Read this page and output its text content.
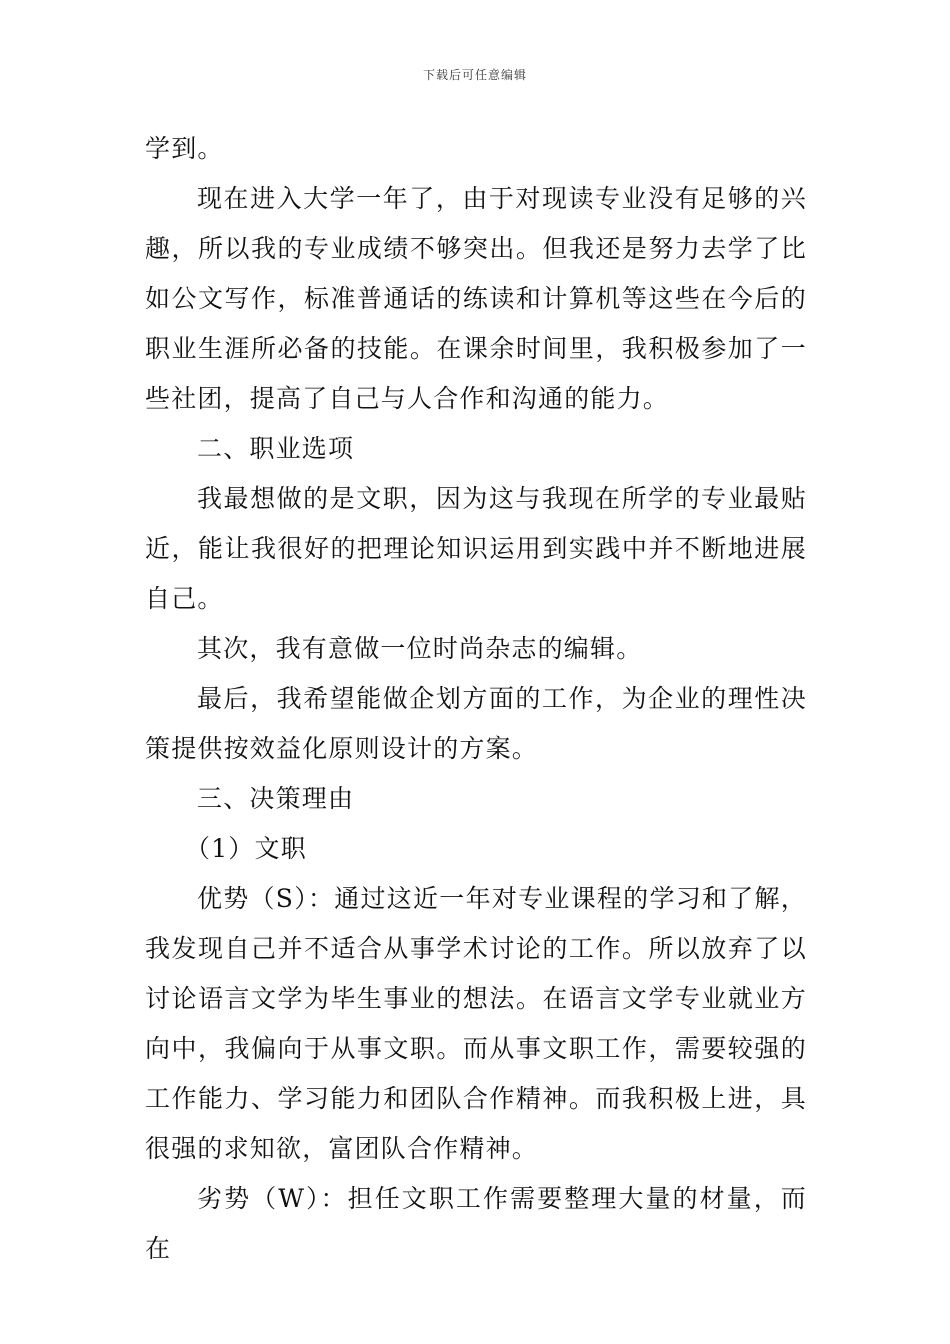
下载后可任意编辑

学到。

现在进入大学一年了，由于对现读专业没有足够的兴趣，所以我的专业成绩不够突出。但我还是努力去学了比如公文写作，标准普通话的练读和计算机等这些在今后的职业生涯所必备的技能。在课余时间里，我积极参加了一些社团，提高了自己与人合作和沟通的能力。

二、职业选项

我最想做的是文职，因为这与我现在所学的专业最贴近，能让我很好的把理论知识运用到实践中并不断地进展自己。

其次，我有意做一位时尚杂志的编辑。

最后，我希望能做企划方面的工作，为企业的理性决策提供按效益化原则设计的方案。

三、决策理由

（1）文职

优势（S）：通过这近一年对专业课程的学习和了解，我发现自己并不适合从事学术讨论的工作。所以放弃了以讨论语言文学为毕生事业的想法。在语言文学专业就业方向中，我偏向于从事文职。而从事文职工作，需要较强的工作能力、学习能力和团队合作精神。而我积极上进，具很强的求知欲，富团队合作精神。

劣势（W）：担任文职工作需要整理大量的材量，而在
